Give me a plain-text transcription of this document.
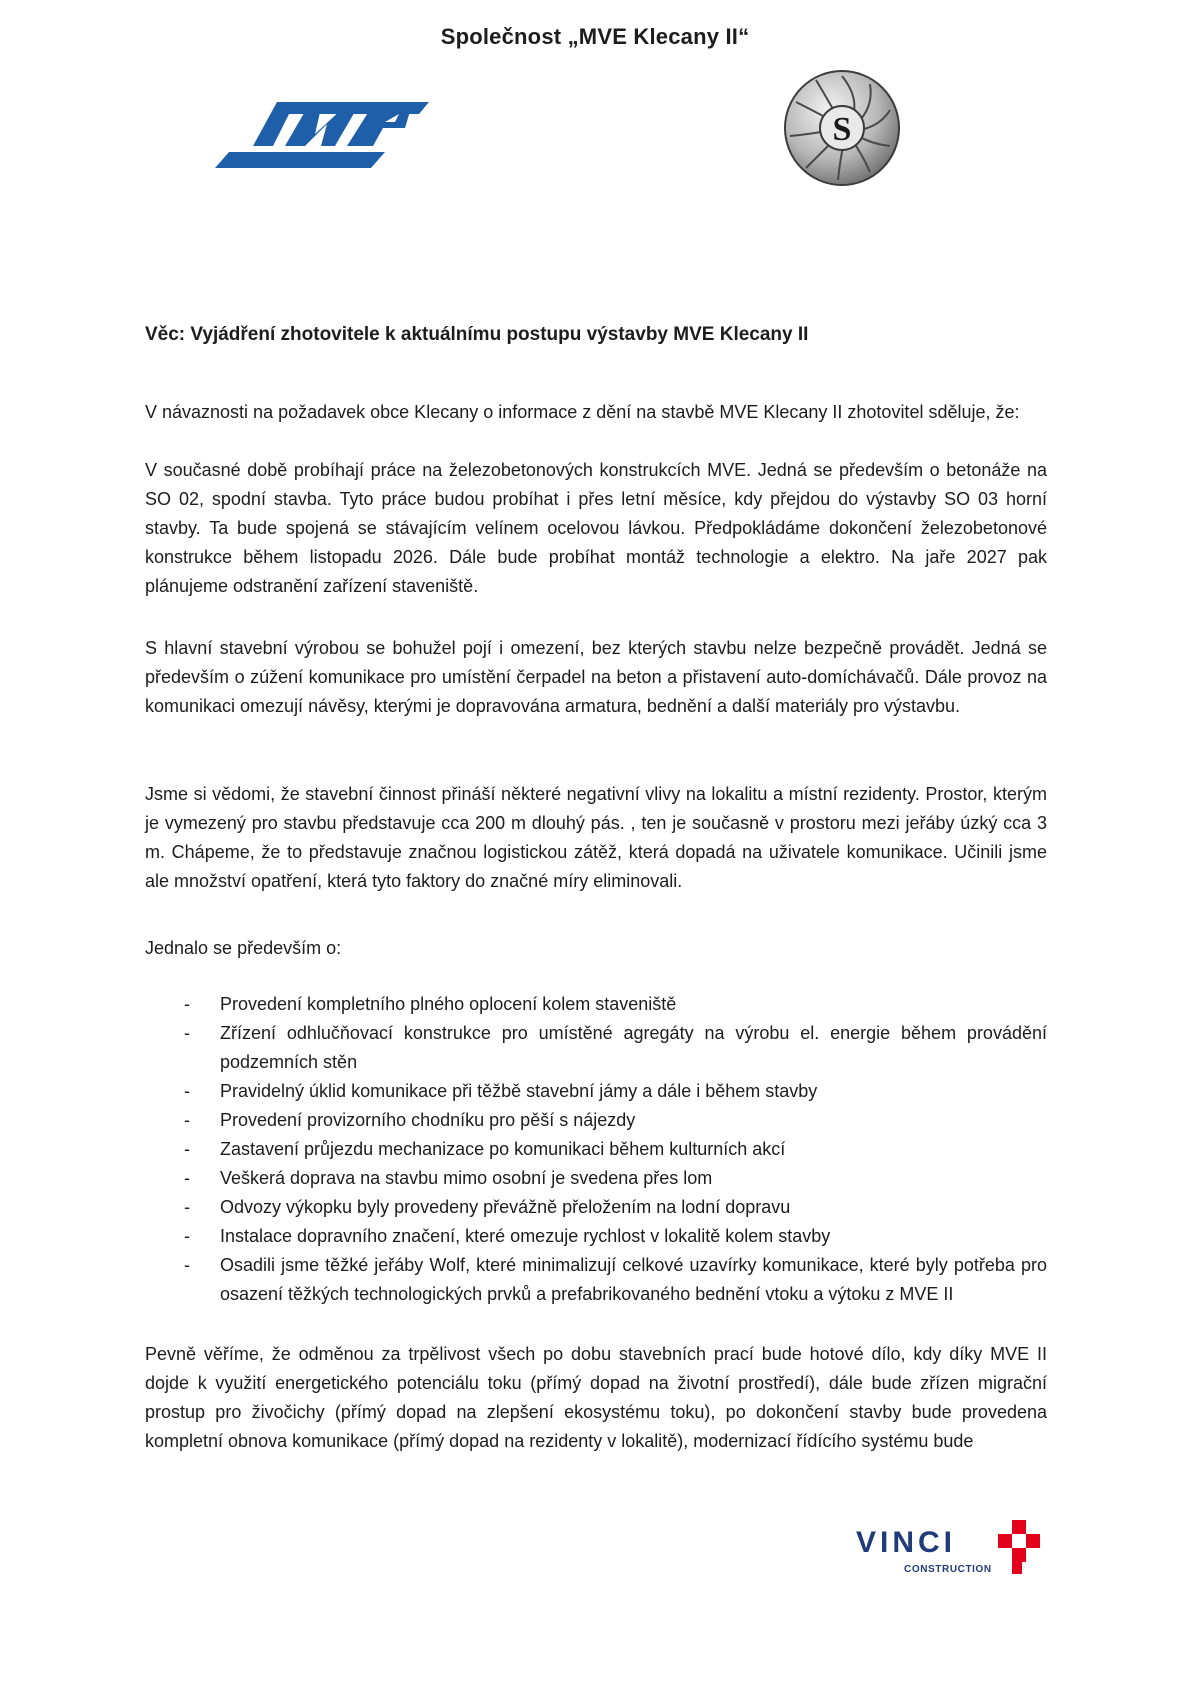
Společnost „MVE Klecany II“
S
Věc: Vyjádření zhotovitele k aktuálnímu postupu výstavby MVE Klecany II
V návaznosti na požadavek obce Klecany o informace z dění na stavbě MVE Klecany II zhotovitel sděluje, že:
V současné době probíhají práce na železobetonových konstrukcích MVE. Jedná se především o betonáže na SO 02, spodní stavba. Tyto práce budou probíhat i přes letní měsíce, kdy přejdou do výstavby SO 03 horní stavby. Ta bude spojená se stávajícím velínem ocelovou lávkou. Předpokládáme dokončení železobetonové konstrukce během listopadu 2026. Dále bude probíhat montáž technologie a elektro. Na jaře 2027 pak plánujeme odstranění zařízení staveniště.
S hlavní stavební výrobou se bohužel pojí i omezení, bez kterých stavbu nelze bezpečně provádět. Jedná se především o zúžení komunikace pro umístění čerpadel na beton a přistavení auto-domíchávačů. Dále provoz na komunikaci omezují návěsy, kterými je dopravována armatura, bednění a další materiály pro výstavbu.
Jsme si vědomi, že stavební činnost přináší některé negativní vlivy na lokalitu a místní rezidenty. Prostor, kterým je vymezený pro stavbu představuje cca 200 m dlouhý pás. , ten je současně v prostoru mezi jeřáby úzký cca 3 m. Chápeme, že to představuje značnou logistickou zátěž, která dopadá na uživatele komunikace. Učinili jsme ale množství opatření, která tyto faktory do značné míry eliminovali.
Jednalo se především o:
- Provedení kompletního plného oplocení kolem staveniště
- Zřízení odhlučňovací konstrukce pro umístěné agregáty na výrobu el. energie během provádění podzemních stěn
- Pravidelný úklid komunikace při těžbě stavební jámy a dále i během stavby
- Provedení provizorního chodníku pro pěší s nájezdy
- Zastavení průjezdu mechanizace po komunikaci během kulturních akcí
- Veškerá doprava na stavbu mimo osobní je svedena přes lom
- Odvozy výkopku byly provedeny převážně přeložením na lodní dopravu
- Instalace dopravního značení, které omezuje rychlost v lokalitě kolem stavby
- Osadili jsme těžké jeřáby Wolf, které minimalizují celkové uzavírky komunikace, které byly potřeba pro osazení těžkých technologických prvků a prefabrikovaného bednění vtoku a výtoku z MVE II
Pevně věříme, že odměnou za trpělivost všech po dobu stavebních prací bude hotové dílo, kdy díky MVE II dojde k využití energetického potenciálu toku (přímý dopad na životní prostředí), dále bude zřízen migrační prostup pro živočichy (přímý dopad na zlepšení ekosystému toku), po dokončení stavby bude provedena kompletní obnova komunikace (přímý dopad na rezidenty v lokalitě), modernizací řídícího systému bude
VINCI
CONSTRUCTION
